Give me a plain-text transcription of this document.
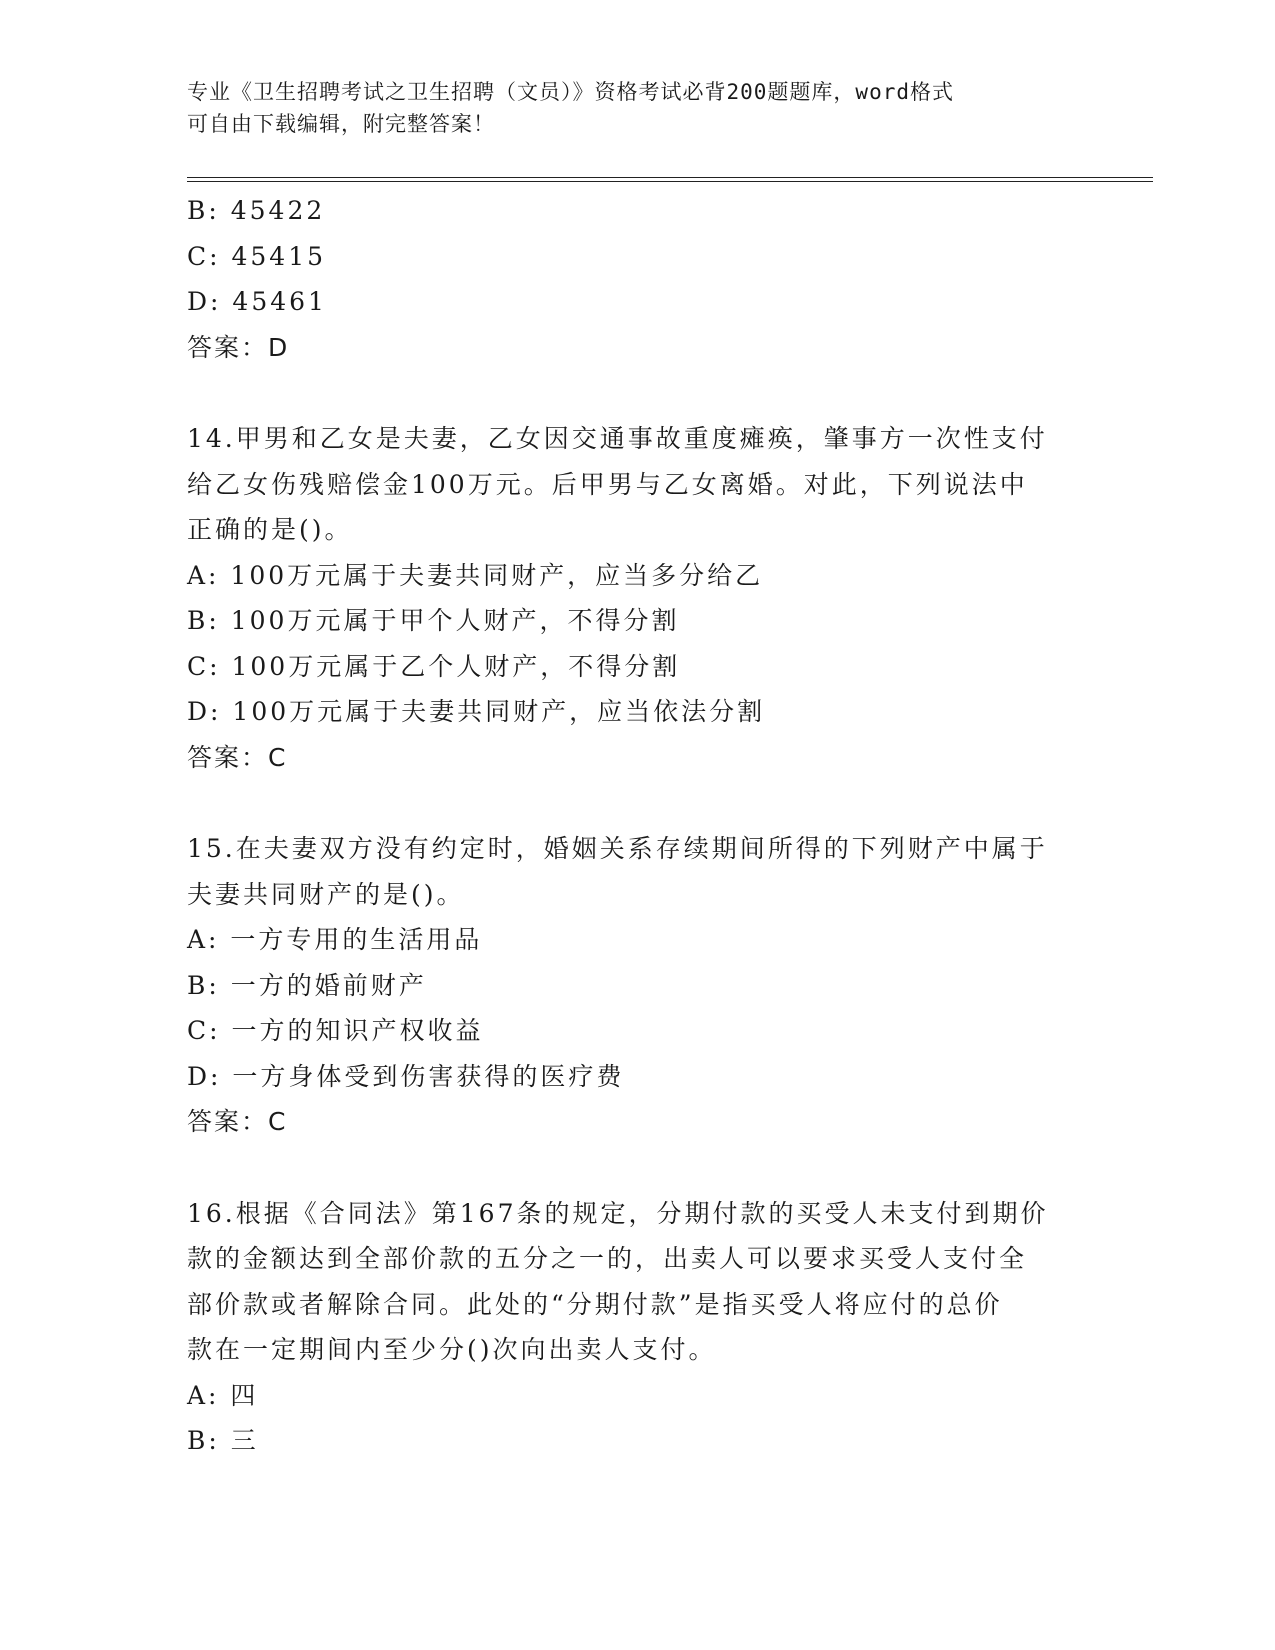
专业《卫生招聘考试之卫生招聘（文员）》资格考试必背200题题库，word格式
可自由下载编辑，附完整答案！
B: 45422
C: 45415
D: 45461
答案：D
14.甲男和乙女是夫妻，乙女因交通事故重度瘫痪，肇事方一次性支付
给乙女伤残赔偿金100万元。后甲男与乙女离婚。对此，下列说法中
正确的是()。
A: 100万元属于夫妻共同财产，应当多分给乙
B: 100万元属于甲个人财产，不得分割
C: 100万元属于乙个人财产，不得分割
D: 100万元属于夫妻共同财产，应当依法分割
答案：C
15.在夫妻双方没有约定时，婚姻关系存续期间所得的下列财产中属于
夫妻共同财产的是()。
A: 一方专用的生活用品
B: 一方的婚前财产
C: 一方的知识产权收益
D: 一方身体受到伤害获得的医疗费
答案：C
16.根据《合同法》第167条的规定，分期付款的买受人未支付到期价
款的金额达到全部价款的五分之一的，出卖人可以要求买受人支付全
部价款或者解除合同。此处的“分期付款”是指买受人将应付的总价
款在一定期间内至少分()次向出卖人支付。
A: 四
B: 三
